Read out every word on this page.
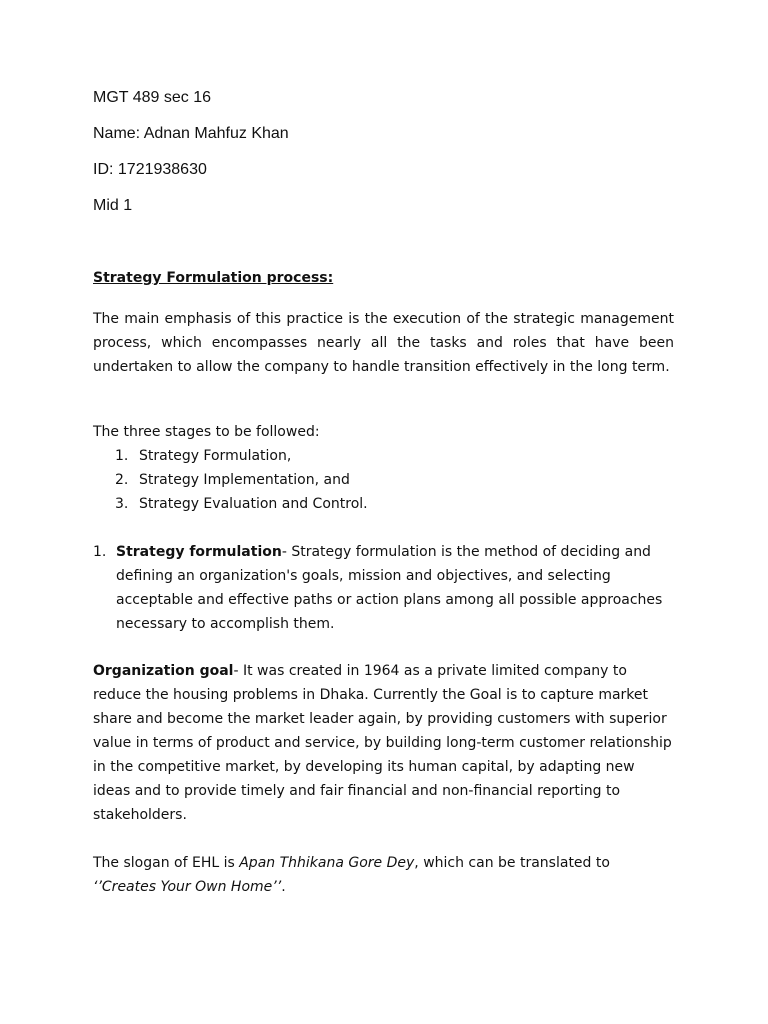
MGT 489 sec 16
Name: Adnan Mahfuz Khan
ID: 1721938630
Mid 1
Strategy Formulation process:

The main emphasis of this practice is the execution of the strategic management process, which encompasses nearly all the tasks and roles that have been undertaken to allow the company to handle transition effectively in the long term.

The three stages to be followed:
1. Strategy Formulation,
2. Strategy Implementation, and
3. Strategy Evaluation and Control.
1. Strategy formulation- Strategy formulation is the method of deciding and defining an organization's goals, mission and objectives, and selecting acceptable and effective paths or action plans among all possible approaches necessary to accomplish them.

Organization goal- It was created in 1964 as a private limited company to reduce the housing problems in Dhaka. Currently the Goal is to capture market share and become the market leader again, by providing customers with superior value in terms of product and service, by building long-term customer relationship in the competitive market, by developing its human capital, by adapting new ideas and to provide timely and fair financial and non-financial reporting to stakeholders.

The slogan of EHL is Apan Thhikana Gore Dey, which can be translated to
‘’Creates Your Own Home’’.
